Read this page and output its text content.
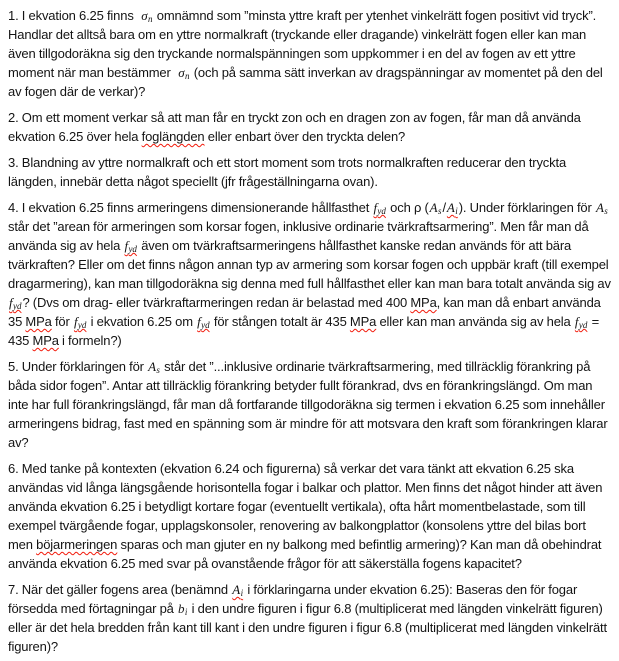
1. I ekvation 6.25 finns  $\sigma_n$ omnämnd som ”minsta yttre kraft per ytenhet vinkelrätt fogen positivt vid tryck”. Handlar det alltså bara om en yttre normalkraft (tryckande eller dragande) vinkelrätt fogen eller kan man även tillgodoräkna sig den tryckande normalspänningen som uppkommer i en del av fogen av ett yttre moment när man bestämmer  $\sigma_n$ (och på samma sätt inverkan av dragspänningar av momentet på den del av fogen där de verkar)?

2. Om ett moment verkar så att man får en tryckt zon och en dragen zon av fogen, får man då använda ekvation 6.25 över hela foglängden eller enbart över den tryckta delen?

3. Blandning av yttre normalkraft och ett stort moment som trots normalkraften reducerar den tryckta längden, innebär detta något speciellt (jfr frågeställningarna ovan).

4. I ekvation 6.25 finns armeringens dimensionerande hållfasthet $f_{yd}$ och ρ $(A_s/A_i)$. Under förklaringen för $A_s$ står det ”arean för armeringen som korsar fogen, inklusive ordinarie tvärkraftsarmering”. Men får man då använda sig av hela $f_{yd}$ även om tvärkraftsarmeringens hållfasthet kanske redan används för att bära tvärkraften? Eller om det finns någon annan typ av armering som korsar fogen och uppbär kraft (till exempel dragarmering), kan man tillgodoräkna sig denna med full hållfasthet eller kan man bara totalt använda sig av $f_{yd}$? (Dvs om drag- eller tvärkraftarmeringen redan är belastad med 400 MPa, kan man då enbart använda 35 MPa för $f_{yd}$ i ekvation 6.25 om $f_{yd}$ för stången totalt är 435 MPa eller kan man använda sig av hela $f_{yd} = 435$ MPa i formeln?)

5. Under förklaringen för $A_s$ står det ”...inklusive ordinarie tvärkraftsarmering, med tillräcklig förankring på båda sidor fogen”. Antar att tillräcklig förankring betyder fullt förankrad, dvs en förankringslängd. Om man inte har full förankringslängd, får man då fortfarande tillgodoräkna sig termen i ekvation 6.25 som innehåller armeringens bidrag, fast med en spänning som är mindre för att motsvara den kraft som förankringen klarar av?

6. Med tanke på kontexten (ekvation 6.24 och figurerna) så verkar det vara tänkt att ekvation 6.25 ska användas vid långa längsgående horisontella fogar i balkar och plattor. Men finns det något hinder att även använda ekvation 6.25 i betydligt kortare fogar (eventuellt vertikala), ofta hårt momentbelastade, som till exempel tvärgående fogar, upplagskonsoler, renovering av balkongplattor (konsolens yttre del bilas bort men böjarmeringen sparas och man gjuter en ny balkong med befintlig armering)? Kan man då obehindrat använda ekvation 6.25 med svar på ovanstående frågor för att säkerställa fogens kapacitet?

7. När det gäller fogens area (benämnd $A_i$ i förklaringarna under ekvation 6.25): Baseras den för fogar försedda med förtagningar på $b_i$ i den undre figuren i figur 6.8 (multiplicerat med längden vinkelrätt figuren) eller är det hela bredden från kant till kant i den undre figuren i figur 6.8 (multiplicerat med längden vinkelrätt figuren)?
